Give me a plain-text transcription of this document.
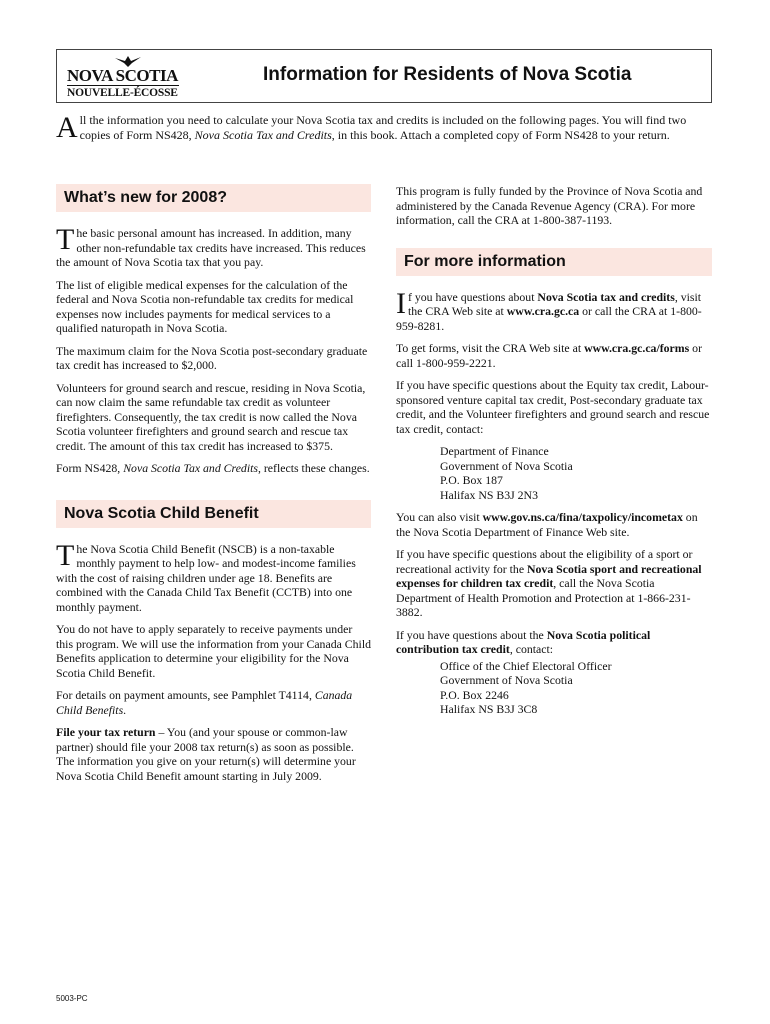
NOVA SCOTIA
NOUVELLE-ÉCOSSE
Information for Residents of Nova Scotia
All the information you need to calculate your Nova Scotia tax and credits is included on the following pages. You will find two copies of Form NS428, Nova Scotia Tax and Credits, in this book. Attach a completed copy of Form NS428 to your return.
What’s new for 2008?

The basic personal amount has increased. In addition, many other non-refundable tax credits have increased. This reduces the amount of Nova Scotia tax that you pay.

The list of eligible medical expenses for the calculation of the federal and Nova Scotia non-refundable tax credits for medical expenses now includes payments for medical services to a qualified naturopath in Nova Scotia.

The maximum claim for the Nova Scotia post-secondary graduate tax credit has increased to $2,000.

Volunteers for ground search and rescue, residing in Nova Scotia, can now claim the same refundable tax credit as volunteer firefighters. Consequently, the tax credit is now called the Nova Scotia volunteer firefighters and ground search and rescue tax credit. The amount of this tax credit has increased to $375.

Form NS428, Nova Scotia Tax and Credits, reflects these changes.

Nova Scotia Child Benefit

The Nova Scotia Child Benefit (NSCB) is a non-taxable monthly payment to help low- and modest-income families with the cost of raising children under age 18. Benefits are combined with the Canada Child Tax Benefit (CCTB) into one monthly payment.

You do not have to apply separately to receive payments under this program. We will use the information from your Canada Child Benefits application to determine your eligibility for the Nova Scotia Child Benefit.

For details on payment amounts, see Pamphlet T4114, Canada Child Benefits.

File your tax return – You (and your spouse or common-law partner) should file your 2008 tax return(s) as soon as possible. The information you give on your return(s) will determine your Nova Scotia Child Benefit amount starting in July 2009.

This program is fully funded by the Province of Nova Scotia and administered by the Canada Revenue Agency (CRA). For more information, call the CRA at 1-800-387-1193.

For more information

If you have questions about Nova Scotia tax and credits, visit the CRA Web site at www.cra.gc.ca or call the CRA at 1-800-959-8281.

To get forms, visit the CRA Web site at www.cra.gc.ca/forms or call 1-800-959-2221.

If you have specific questions about the Equity tax credit, Labour-sponsored venture capital tax credit, Post-secondary graduate tax credit, and the Volunteer firefighters and ground search and rescue tax credit, contact:

Department of Finance
Government of Nova Scotia
P.O. Box 187
Halifax NS B3J 2N3

You can also visit www.gov.ns.ca/fina/taxpolicy/incometax on the Nova Scotia Department of Finance Web site.

If you have specific questions about the eligibility of a sport or recreational activity for the Nova Scotia sport and recreational expenses for children tax credit, call the Nova Scotia Department of Health Promotion and Protection at 1-866-231-3882.

If you have questions about the Nova Scotia political contribution tax credit, contact:

Office of the Chief Electoral Officer
Government of Nova Scotia
P.O. Box 2246
Halifax NS B3J 3C8
5003-PC
